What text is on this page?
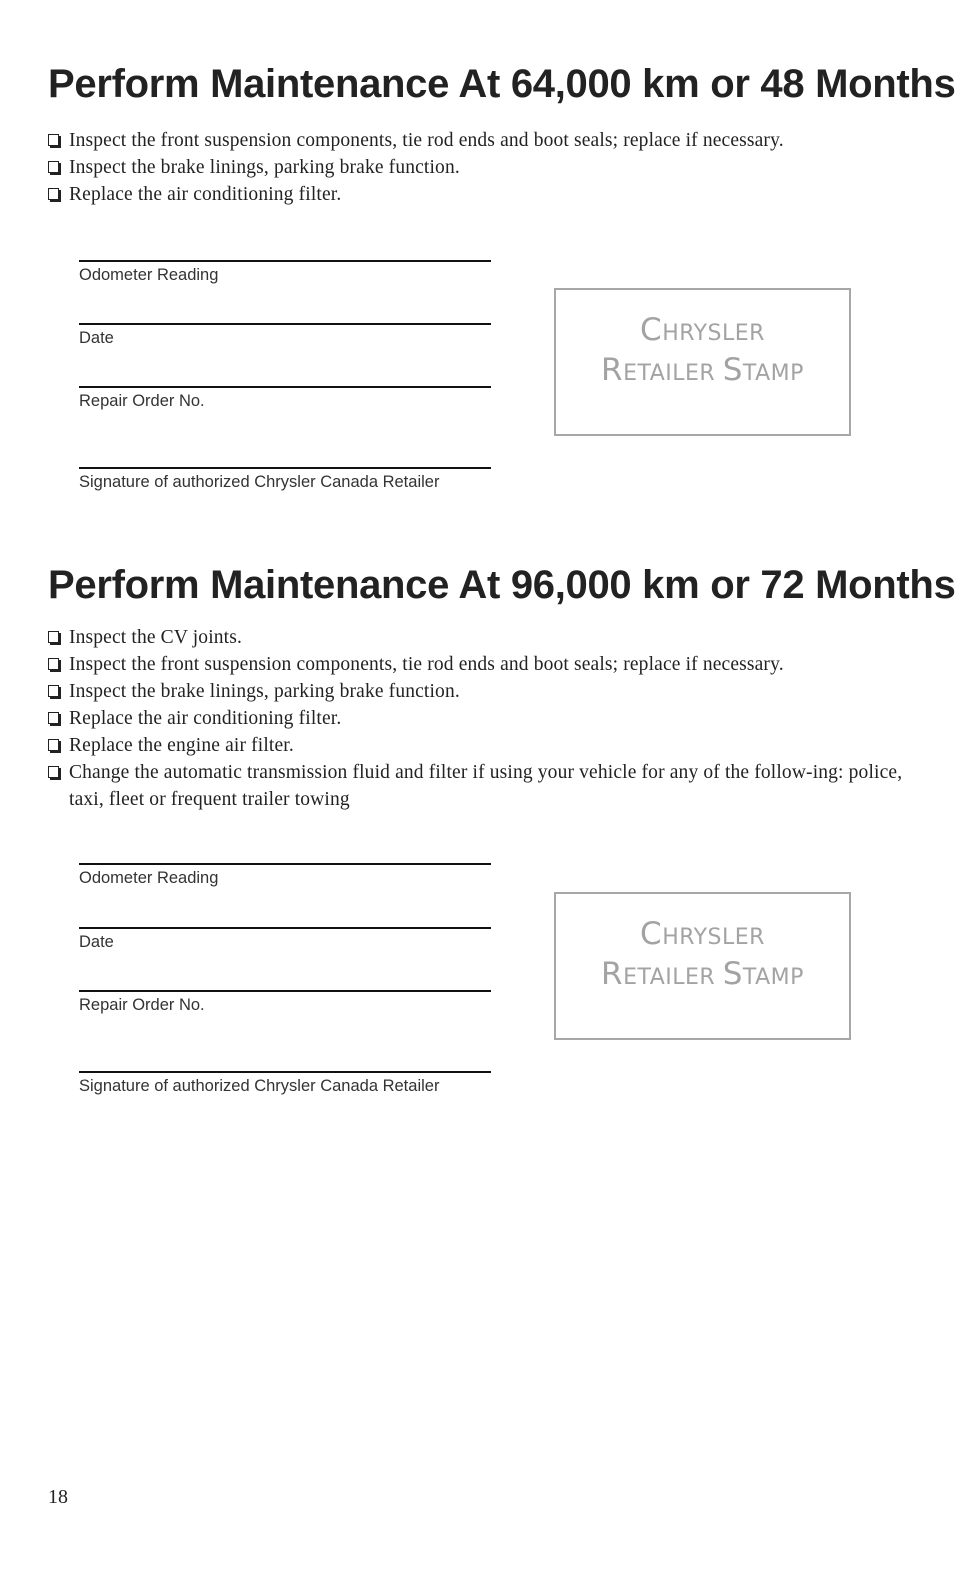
Perform Maintenance At 64,000 km or 48 Months
Inspect the front suspension components, tie rod ends and boot seals; replace if necessary.
Inspect the brake linings, parking brake function.
Replace the air conditioning filter.
Odometer Reading
Date
Repair Order No.
Signature of authorized Chrysler Canada Retailer
CHRYSLER
RETAILER STAMP
Perform Maintenance At 96,000 km or 72 Months
Inspect the CV joints.
Inspect the front suspension components, tie rod ends and boot seals; replace if necessary.
Inspect the brake linings, parking brake function.
Replace the air conditioning filter.
Replace the engine air filter.
Change the automatic transmission fluid and filter if using your vehicle for any of the follow-ing: police, taxi, fleet or frequent trailer towing
Odometer Reading
Date
Repair Order No.
Signature of authorized Chrysler Canada Retailer
CHRYSLER
RETAILER STAMP
18
